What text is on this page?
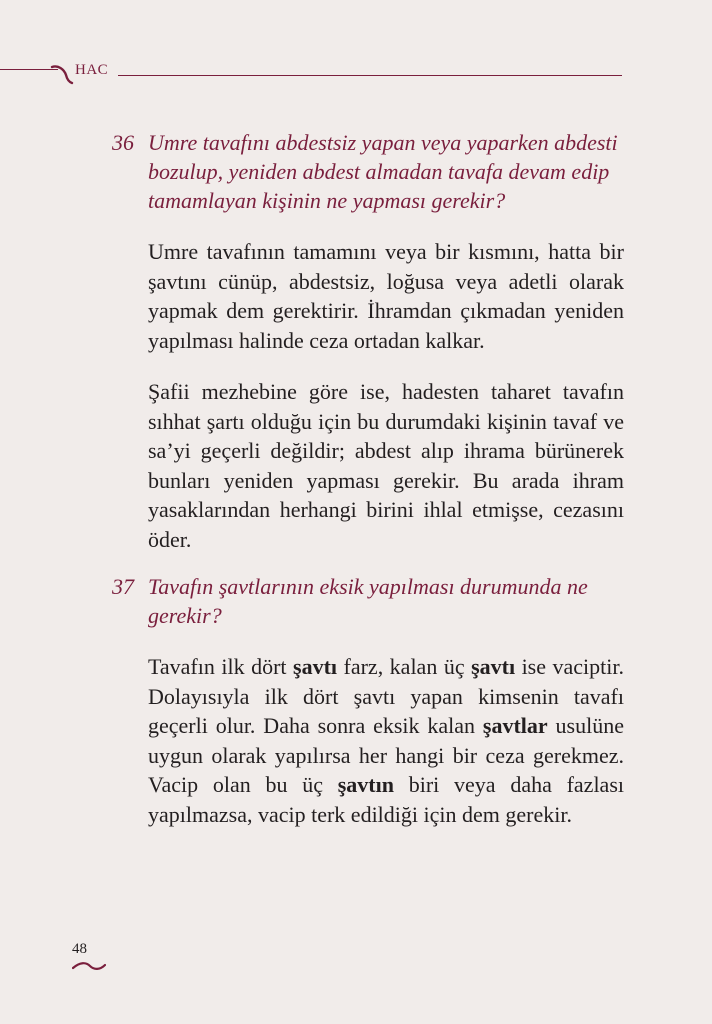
HAC
36 Umre tavafını abdestsiz yapan veya yaparken abdesti bozulup, yeniden abdest almadan tavafa devam edip tamamlayan kişinin ne yapması gerekir?

Umre tavafının tamamını veya bir kısmını, hatta bir şavtını cünüp, abdestsiz, loğusa veya adetli olarak yapmak dem gerektirir. İhramdan çıkmadan yeniden yapılması halinde ceza ortadan kalkar.

Şafii mezhebine göre ise, hadesten taharet tavafın sıhhat şartı olduğu için bu durumdaki kişinin tavaf ve sa’yi geçerli değildir; abdest alıp ihrama bürünerek bunları yeniden yapması gerekir. Bu arada ihram yasaklarından herhangi birini ihlal etmişse, cezasını öder.

37 Tavafın şavtlarının eksik yapılması durumunda ne gerekir?

Tavafın ilk dört şavtı farz, kalan üç şavtı ise vaciptir. Dolayısıyla ilk dört şavtı yapan kimsenin tavafı geçerli olur. Daha sonra eksik kalan şavtlar usulüne uygun olarak yapılırsa her hangi bir ceza gerekmez. Vacip olan bu üç şavtın biri veya daha fazlası yapılmazsa, vacip terk edildiği için dem gerekir.

48
